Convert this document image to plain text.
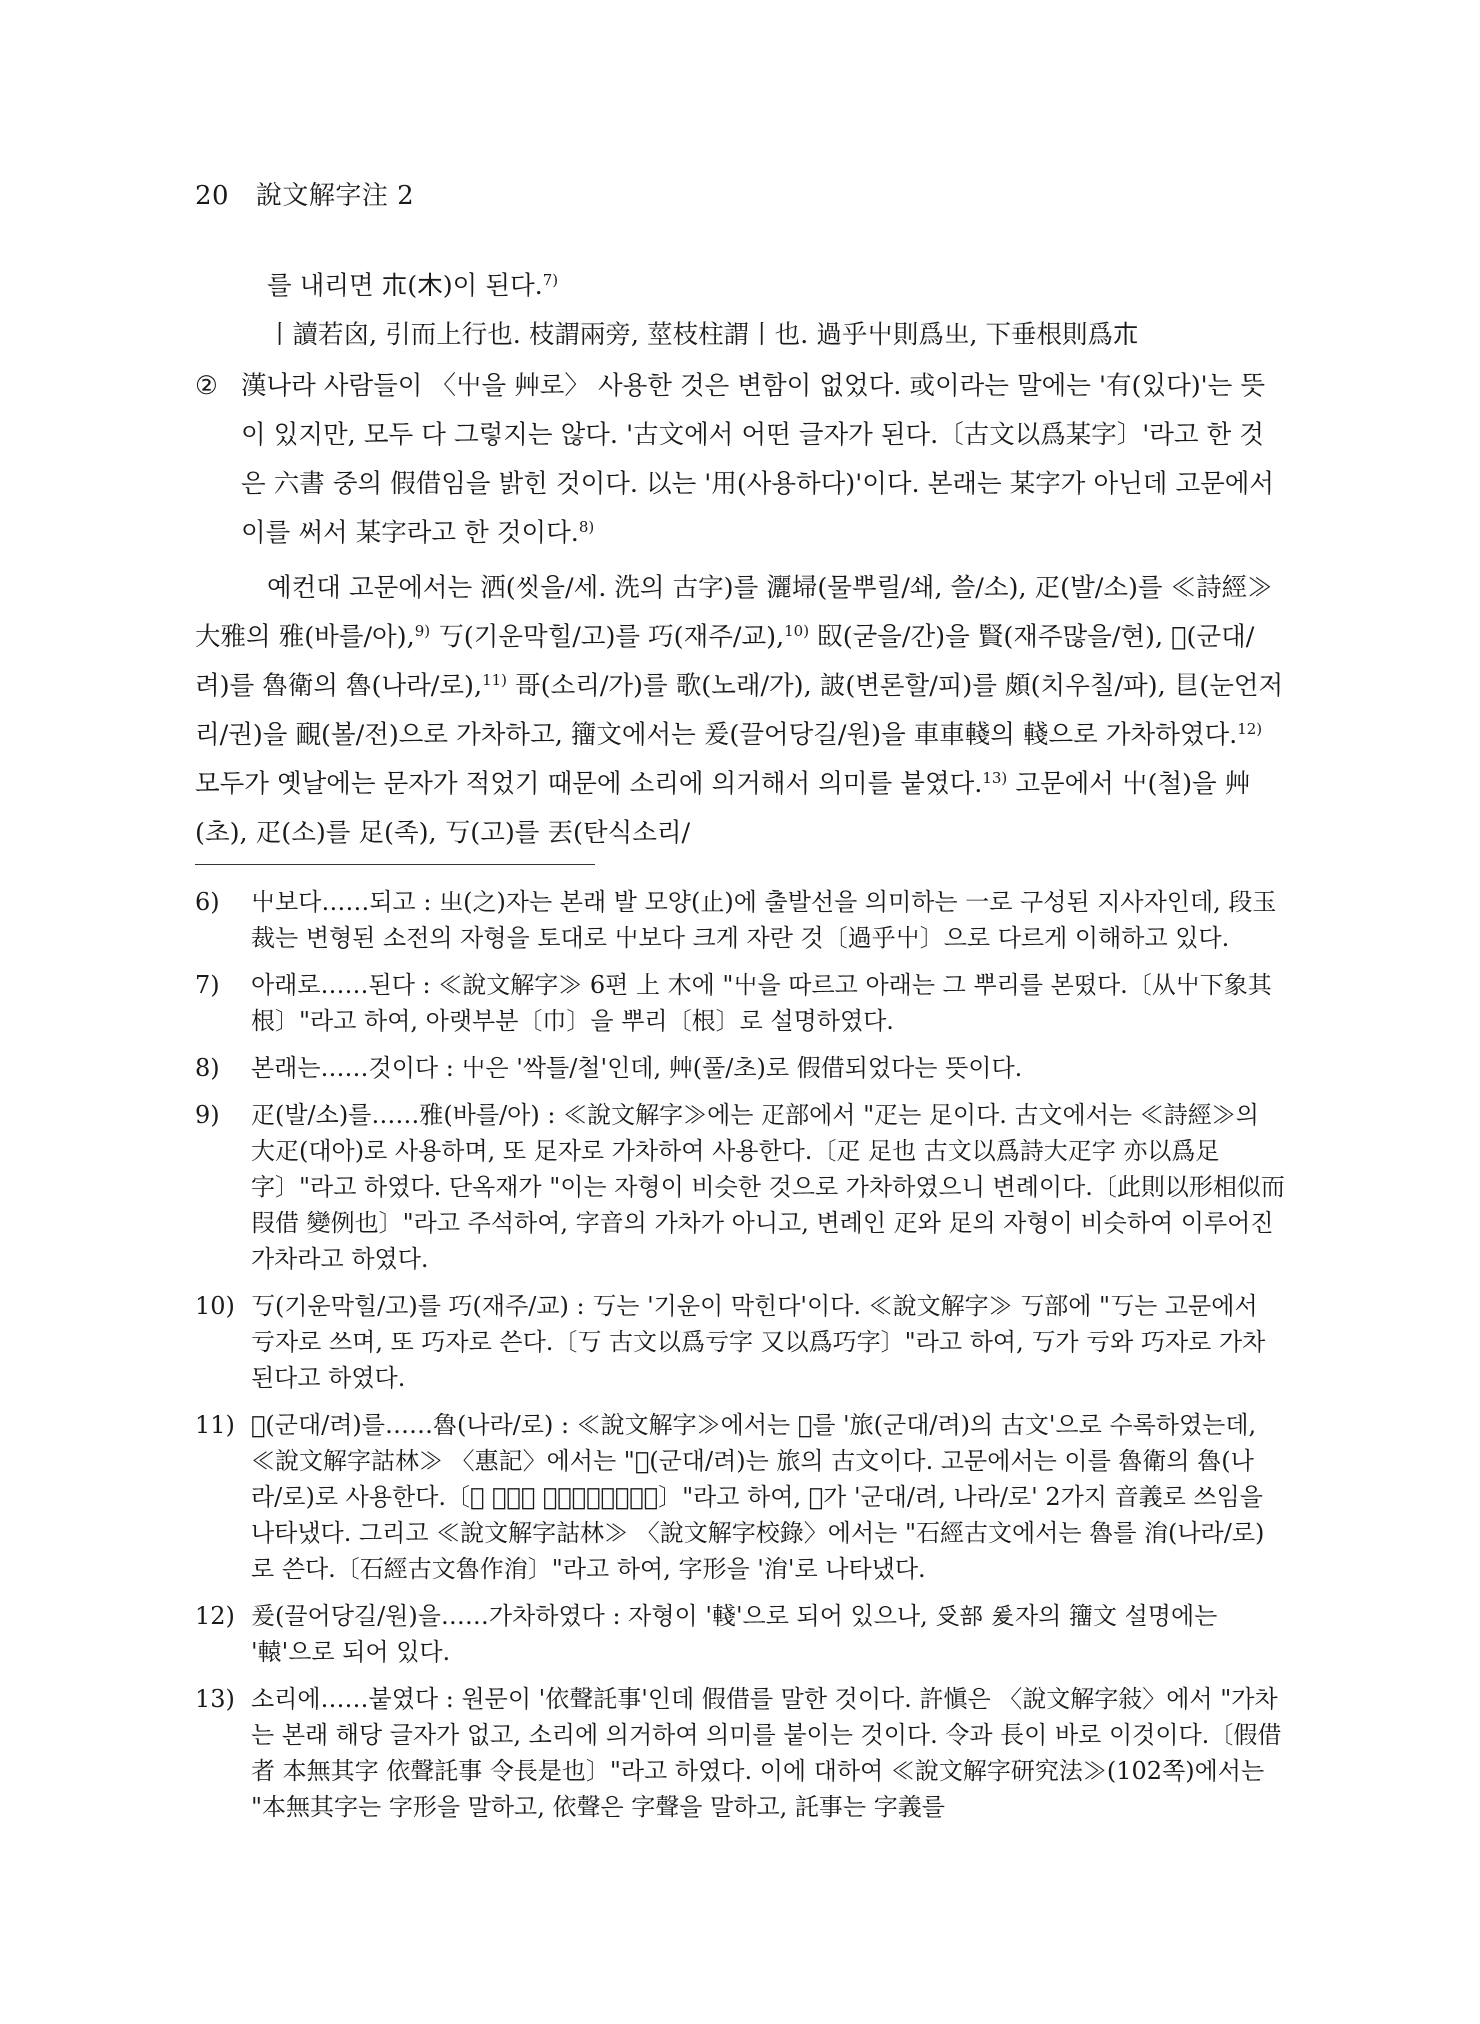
20 說文解字注 2

를 내리면 𣎳(木)이 된다.$^{7)}$

丨讀若囟, 引而上行也. 枝謂兩旁, 莖枝柱謂丨也. 過乎屮則爲㞢, 下垂根則爲𣎳

② 漢나라 사람들이 〈屮을 艸로〉 사용한 것은 변함이 없었다. 或이라는 말에는 '有(있다)'는 뜻이 있지만, 모두 다 그렇지는 않다. '古文에서 어떤 글자가 된다.〔古文以爲某字〕'라고 한 것은 六書 중의 假借임을 밝힌 것이다. 以는 '用(사용하다)'이다. 본래는 某字가 아닌데 고문에서 이를 써서 某字라고 한 것이다.$^{8)}$

예컨대 고문에서는 洒(씻을/세. 洗의 古字)를 灑埽(물뿌릴/쇄, 쓸/소), 疋(발/소)를 ≪詩經≫ 大雅의 雅(바를/아),$^{9)}$ 丂(기운막힐/고)를 巧(재주/교),$^{10)}$ 臤(굳을/간)을 賢(재주많을/현), 𣥠(군대/려)를 魯衛의 魯(나라/로),$^{11)}$ 哥(소리/가)를 歌(노래/가), 詖(변론할/피)를 頗(치우칠/파), 𥃩(눈언저리/권)을 靦(볼/전)으로 가차하고, 籒文에서는 爰(끌어당길/원)을 車車輚의 輚으로 가차하였다.$^{12)}$ 모두가 옛날에는 문자가 적었기 때문에 소리에 의거해서 의미를 붙였다.$^{13)}$ 고문에서 屮(철)을 艸(초), 疋(소)를 足(족), 丂(고)를 丟(탄식소리/

6)	屮보다……되고 : 㞢(之)자는 본래 발 모양(止)에 출발선을 의미하는 一로 구성된 지사자인데, 段玉裁는 변형된 소전의 자형을 토대로 屮보다 크게 자란 것〔過乎屮〕으로 다르게 이해하고 있다.
7)	아래로……된다 : ≪說文解字≫ 6편 上 木에 "屮을 따르고 아래는 그 뿌리를 본떴다.〔从屮下象其根〕"라고 하여, 아랫부분〔巾〕을 뿌리〔根〕로 설명하였다.
8)	본래는……것이다 : 屮은 '싹틀/철'인데, 艸(풀/초)로 假借되었다는 뜻이다.
9)	疋(발/소)를……雅(바를/아) : ≪說文解字≫에는 疋部에서 "疋는 足이다. 古文에서는 ≪詩經≫의 大疋(대아)로 사용하며, 또 足자로 가차하여 사용한다.〔疋 足也 古文以爲詩大疋字 亦以爲足字〕"라고 하였다. 단옥재가 "이는 자형이 비슷한 것으로 가차하였으니 변례이다.〔此則以形相似而叚借 變例也〕"라고 주석하여, 字音의 가차가 아니고, 변례인 疋와 足의 자형이 비슷하여 이루어진 가차라고 하였다.
10) 丂(기운막힐/고)를 巧(재주/교) : 丂는 '기운이 막힌다'이다. ≪說文解字≫ 丂部에 "丂는 고문에서 亏자로 쓰며, 또 巧자로 쓴다.〔丂 古文以爲亏字 又以爲巧字〕"라고 하여, 丂가 亏와 巧자로 가차된다고 하였다.
11) 𣥠(군대/려)를……魯(나라/로) : ≪說文解字≫에서는 𣥠를 '旅(군대/려)의 古文'으로 수록하였는데, ≪說文解字詁林≫ 〈惠記〉에서는 "𣥠(군대/려)는 旅의 古文이다. 고문에서는 이를 魯衛의 魯(나라/로)로 사용한다.〔𣥠 古文旅 古文以爲魯衛之魯〕"라고 하여, 𣥠가 '군대/려, 나라/로' 2가지 音義로 쓰임을 나타냈다. 그리고 ≪說文解字詁林≫ 〈說文解字校錄〉에서는 "石經古文에서는 魯를 㳙(나라/로)로 쓴다.〔石經古文魯作㳙〕"라고 하여, 字形을 '㳙'로 나타냈다.
12) 爰(끌어당길/원)을……가차하였다 : 자형이 '輚'으로 되어 있으나, 𠬪部 爰자의 籒文 설명에는 '轅'으로 되어 있다.
13) 소리에……붙였다 : 원문이 '依聲託事'인데 假借를 말한 것이다. 許愼은 〈說文解字敍〉에서 "가차는 본래 해당 글자가 없고, 소리에 의거하여 의미를 붙이는 것이다. 令과 長이 바로 이것이다.〔假借者 本無其字 依聲託事 令長是也〕"라고 하였다. 이에 대하여 ≪說文解字研究法≫(102쪽)에서는 "本無其字는 字形을 말하고, 依聲은 字聲을 말하고, 託事는 字義를
